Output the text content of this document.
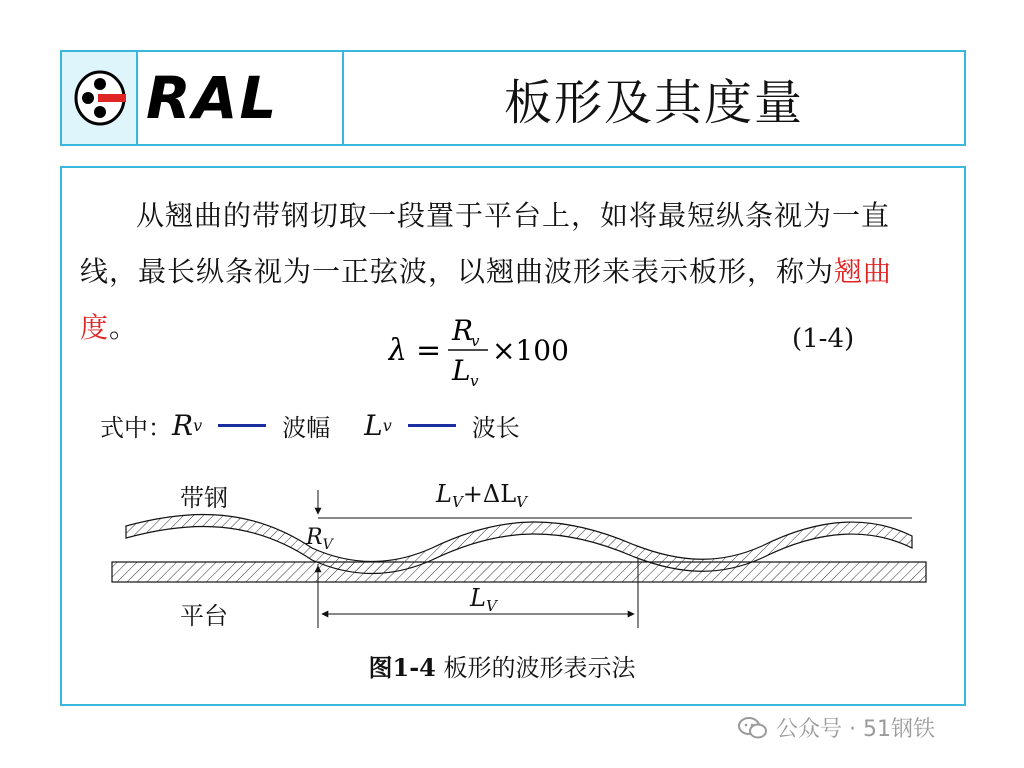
RAL	板形及其度量
从翘曲的带钢切取一段置于平台上，如将最短纵条视为一直线，最长纵条视为一正弦波，以翘曲波形来表示板形，称为翘曲度。
λ =
R
v
L v
×100	(1-4)
式中： R v	波幅 L v	波长
带钢	$L_V+\Delta L_V$
$R_V$
$L_V$
平台
图1-4 板形的波形表示法
公众号 · 51钢铁
